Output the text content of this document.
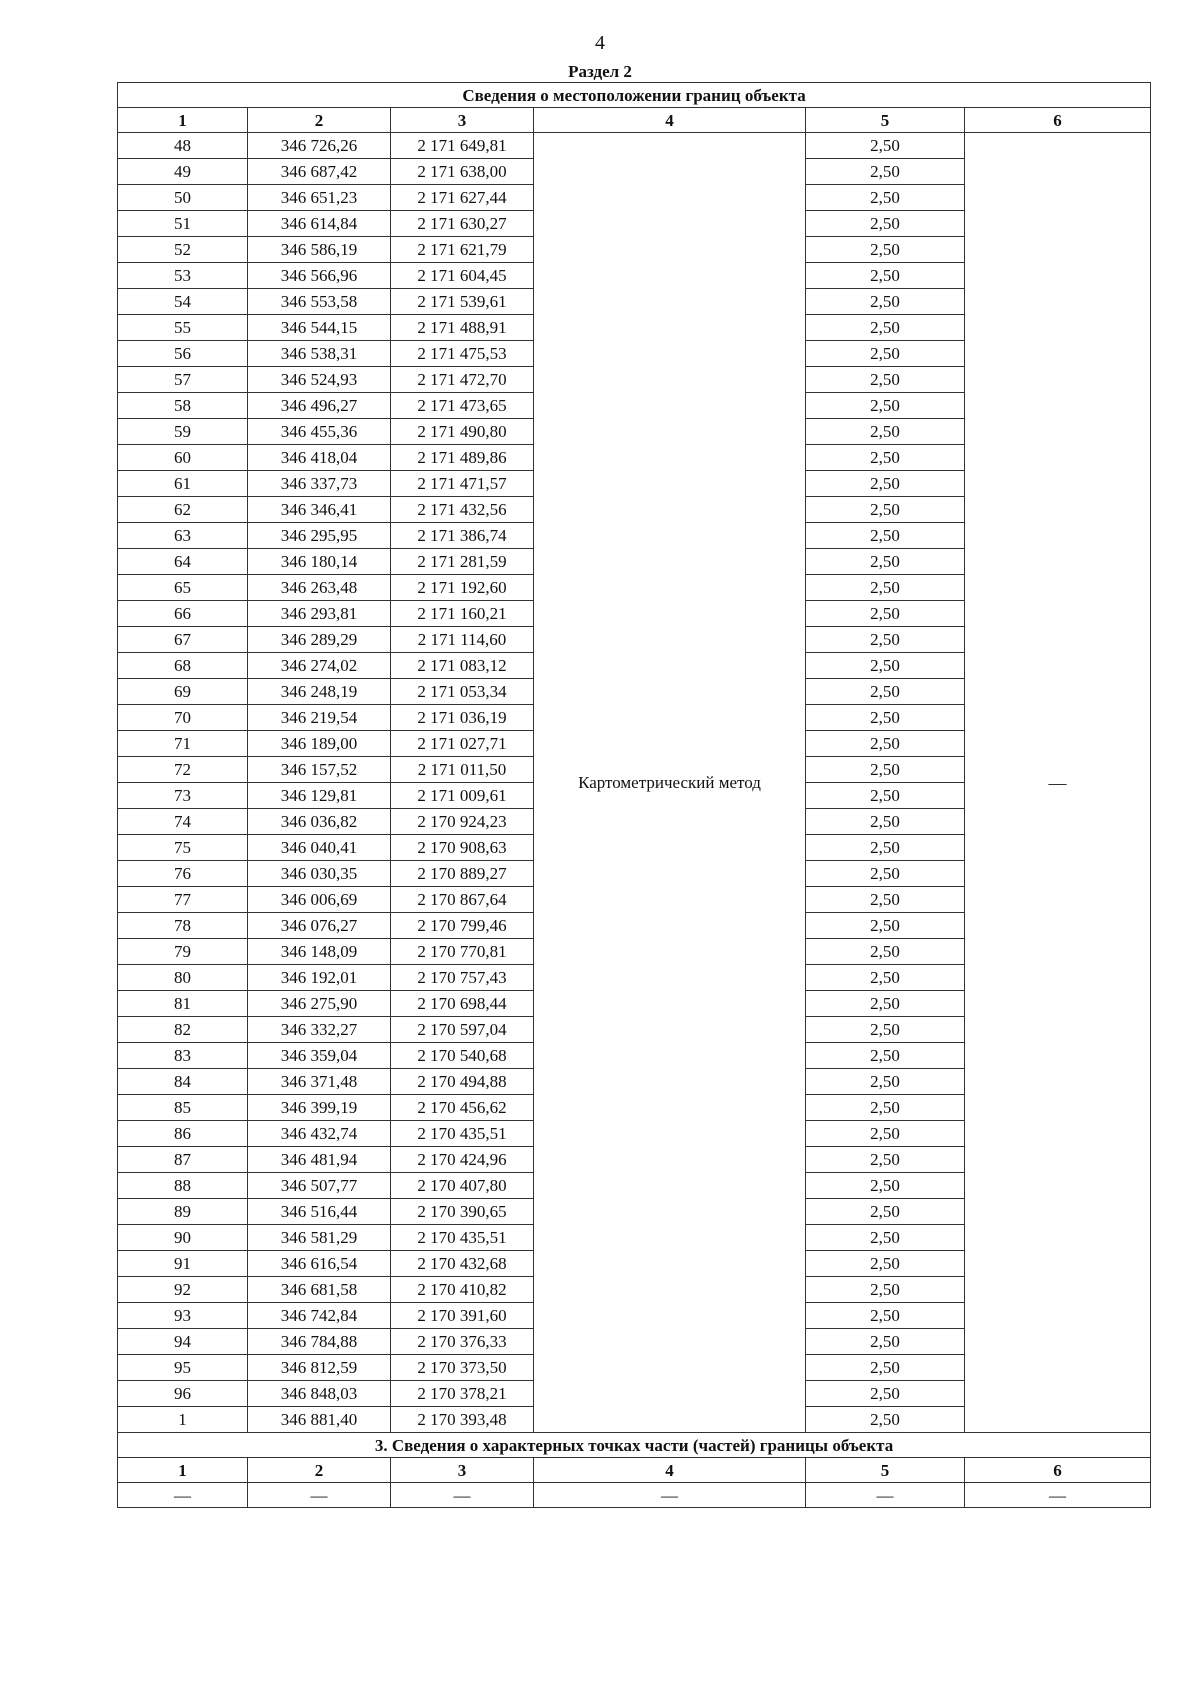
4
Раздел 2
Сведения о местоположении границ объекта					
1	2	3	4	5	6
48	346 726,26	2 171 649,81	Картометрический метод	2,50	—
49	346 687,42	2 171 638,00		2,50	
50	346 651,23	2 171 627,44		2,50	
51	346 614,84	2 171 630,27		2,50	
52	346 586,19	2 171 621,79		2,50	
53	346 566,96	2 171 604,45		2,50	
54	346 553,58	2 171 539,61		2,50	
55	346 544,15	2 171 488,91		2,50	
56	346 538,31	2 171 475,53		2,50	
57	346 524,93	2 171 472,70		2,50	
58	346 496,27	2 171 473,65		2,50	
59	346 455,36	2 171 490,80		2,50	
60	346 418,04	2 171 489,86		2,50	
61	346 337,73	2 171 471,57		2,50	
62	346 346,41	2 171 432,56		2,50	
63	346 295,95	2 171 386,74		2,50	
64	346 180,14	2 171 281,59		2,50	
65	346 263,48	2 171 192,60		2,50	
66	346 293,81	2 171 160,21		2,50	
67	346 289,29	2 171 114,60		2,50	
68	346 274,02	2 171 083,12		2,50	
69	346 248,19	2 171 053,34		2,50	
70	346 219,54	2 171 036,19		2,50	
71	346 189,00	2 171 027,71		2,50	
72	346 157,52	2 171 011,50		2,50	
73	346 129,81	2 171 009,61		2,50	
74	346 036,82	2 170 924,23		2,50	
75	346 040,41	2 170 908,63		2,50	
76	346 030,35	2 170 889,27		2,50	
77	346 006,69	2 170 867,64		2,50	
78	346 076,27	2 170 799,46		2,50	
79	346 148,09	2 170 770,81		2,50	
80	346 192,01	2 170 757,43		2,50	
81	346 275,90	2 170 698,44		2,50	
82	346 332,27	2 170 597,04		2,50	
83	346 359,04	2 170 540,68		2,50	
84	346 371,48	2 170 494,88		2,50	
85	346 399,19	2 170 456,62		2,50	
86	346 432,74	2 170 435,51		2,50	
87	346 481,94	2 170 424,96		2,50	
88	346 507,77	2 170 407,80		2,50	
89	346 516,44	2 170 390,65		2,50	
90	346 581,29	2 170 435,51		2,50	
91	346 616,54	2 170 432,68		2,50	
92	346 681,58	2 170 410,82		2,50	
93	346 742,84	2 170 391,60		2,50	
94	346 784,88	2 170 376,33		2,50	
95	346 812,59	2 170 373,50		2,50	
96	346 848,03	2 170 378,21		2,50	
1	346 881,40	2 170 393,48		2,50	
3. Сведения о характерных точках части (частей) границы объекта					
1	2	3	4	5	6
—	—	—	—	—	—
